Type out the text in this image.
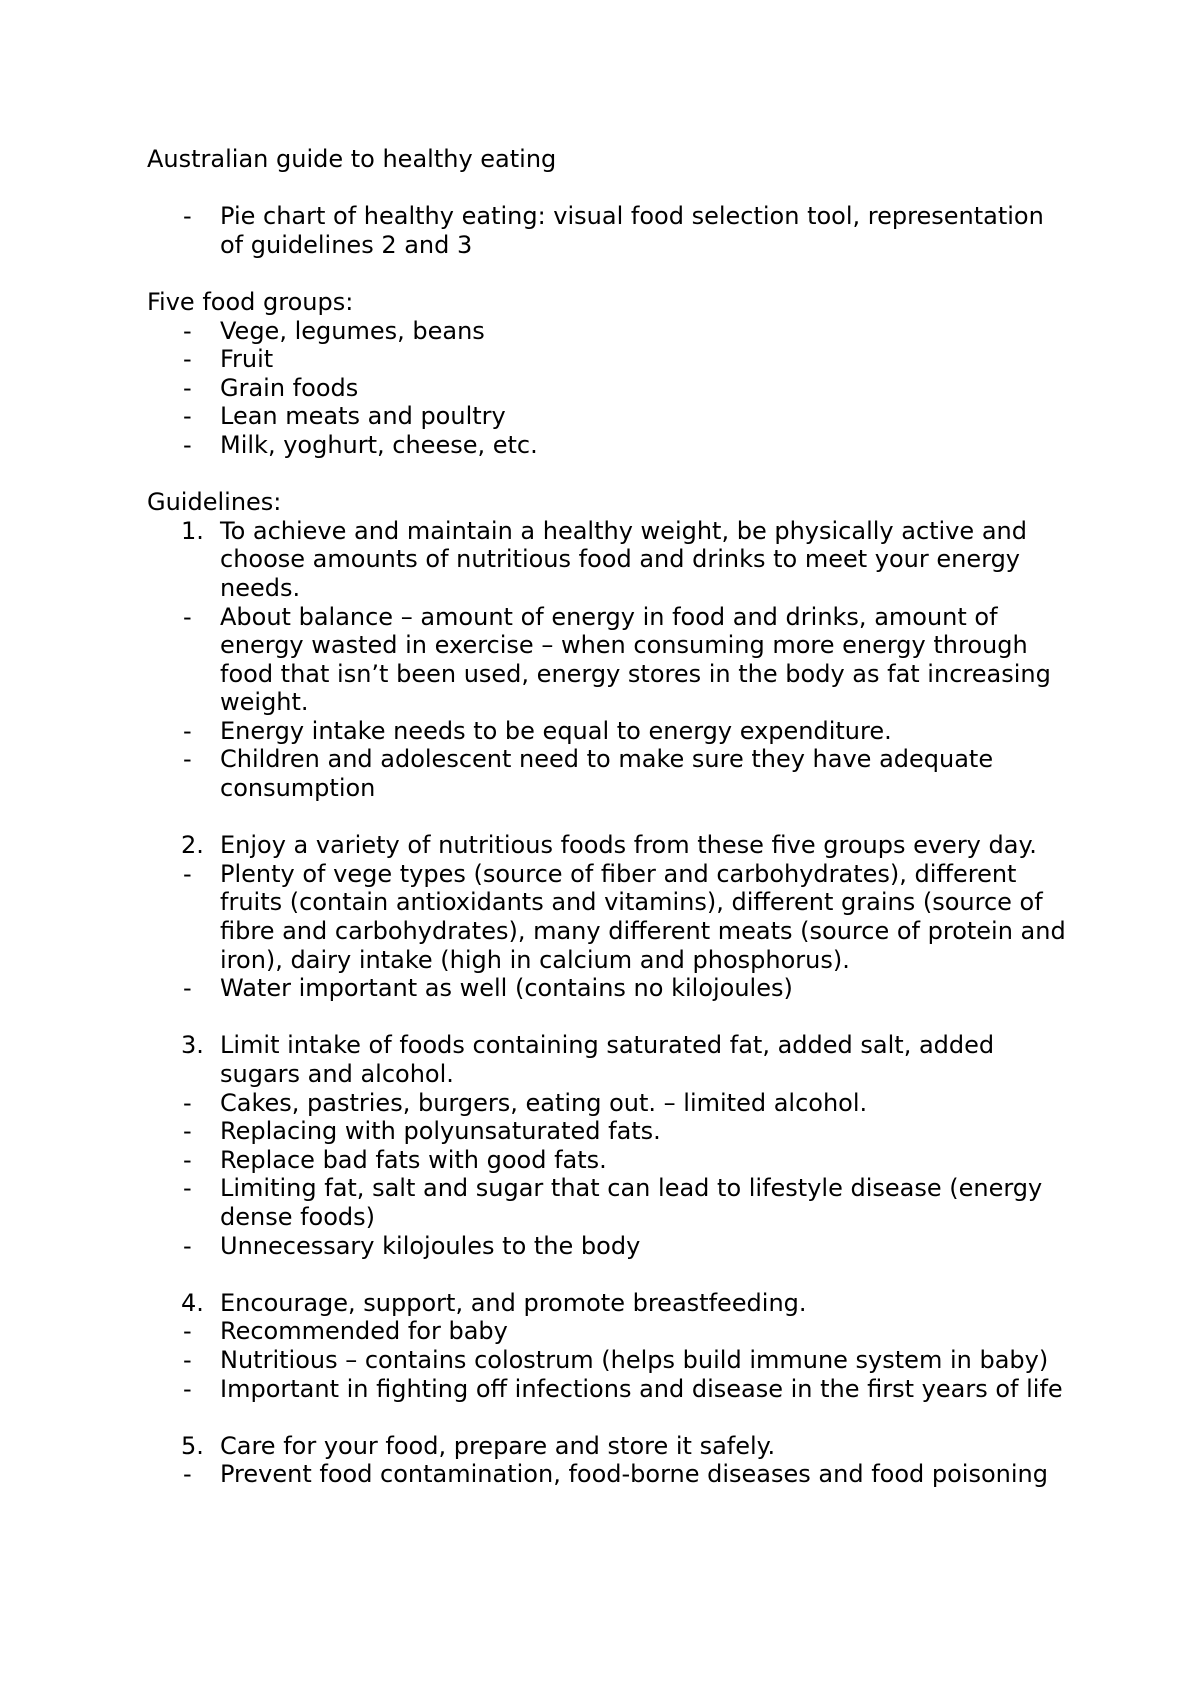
Australian guide to healthy eating

- Pie chart of healthy eating: visual food selection tool, representation of guidelines 2 and 3

Five food groups:

- Vege, legumes, beans
- Fruit
- Grain foods
- Lean meats and poultry
- Milk, yoghurt, cheese, etc.

Guidelines:

1. To achieve and maintain a healthy weight, be physically active and choose amounts of nutritious food and drinks to meet your energy needs.
- About balance – amount of energy in food and drinks, amount of energy wasted in exercise – when consuming more energy through food that isn’t been used, energy stores in the body as fat increasing weight.
- Energy intake needs to be equal to energy expenditure.
- Children and adolescent need to make sure they have adequate consumption
2. Enjoy a variety of nutritious foods from these five groups every day.
- Plenty of vege types (source of fiber and carbohydrates), different fruits (contain antioxidants and vitamins), different grains (source of fibre and carbohydrates), many different meats (source of protein and iron), dairy intake (high in calcium and phosphorus).
- Water important as well (contains no kilojoules)
3. Limit intake of foods containing saturated fat, added salt, added sugars and alcohol.
- Cakes, pastries, burgers, eating out. – limited alcohol.
- Replacing with polyunsaturated fats.
- Replace bad fats with good fats.
- Limiting fat, salt and sugar that can lead to lifestyle disease (energy dense foods)
- Unnecessary kilojoules to the body
4. Encourage, support, and promote breastfeeding.
- Recommended for baby
- Nutritious – contains colostrum (helps build immune system in baby)
- Important in fighting off infections and disease in the first years of life
5. Care for your food, prepare and store it safely.
- Prevent food contamination, food-borne diseases and food poisoning
